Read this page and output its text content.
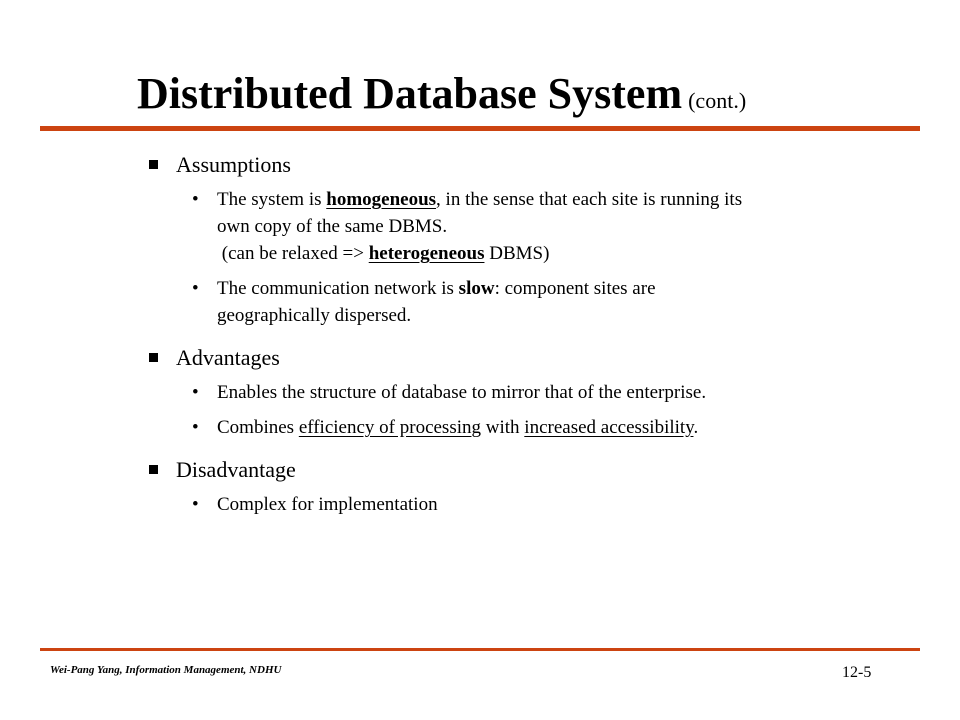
Distributed Database System (cont.)
Assumptions
• The system is homogeneous, in the sense that each site is running its
own copy of the same DBMS.
(can be relaxed => heterogeneous DBMS)
• The communication network is slow: component sites are
geographically dispersed.
Advantages
• Enables the structure of database to mirror that of the enterprise.
• Combines efficiency of processing with increased accessibility.
Disadvantage
• Complex for implementation
Wei-Pang Yang, Information Management, NDHU	12-5
